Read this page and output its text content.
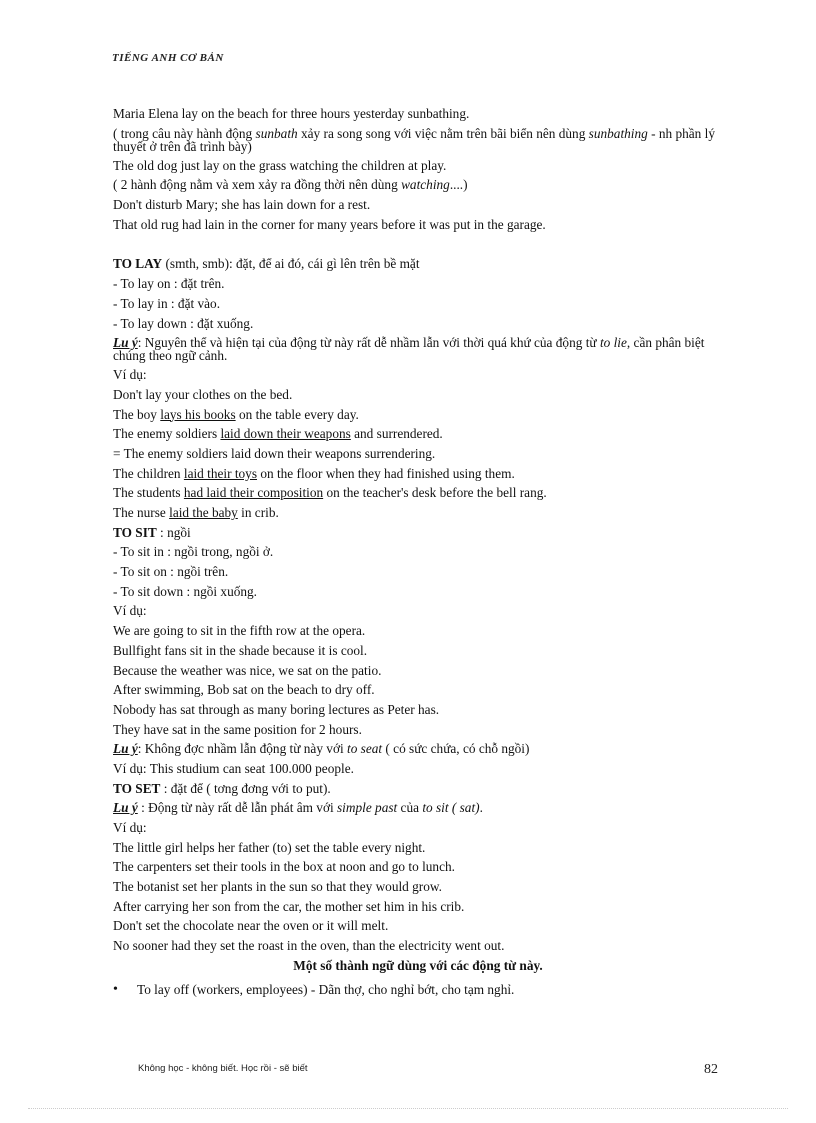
TIẾNG ANH CƠ BẢN
Maria Elena lay on the beach for three hours yesterday sunbathing.
( trong câu này hành động sunbath xảy ra song song với việc nằm trên bãi biển nên dùng sunbathing - nh phần lý thuyết ở trên đã trình bày)
The old dog just lay on the grass watching the children at play.
( 2 hành động nằm và xem xảy ra đồng thời nên dùng watching....)
Don't disturb Mary; she has lain down for a rest.
That old rug had lain in the corner for many years before it was put in the garage.
TO LAY (smth, smb): đặt, để ai đó, cái gì lên trên bề mặt
- To lay on : đặt trên.
- To lay in : đặt vào.
- To lay down : đặt xuống.
Lu ý: Nguyên thể và hiện tại của động từ này rất dễ nhầm lẫn với thời quá khứ của động từ to lie, cần phân biệt chúng theo ngữ cảnh.
Ví dụ:
Don't lay your clothes on the bed.
The boy lays his books on the table every day.
The enemy soldiers laid down their weapons and surrendered.
= The enemy soldiers laid down their weapons surrendering.
The children laid their toys on the floor when they had finished using them.
The students had laid their composition on the teacher's desk before the bell rang.
The nurse laid the baby in crib.
TO SIT : ngồi
- To sit in : ngồi trong, ngồi ở.
- To sit on : ngồi trên.
- To sit down : ngồi xuống.
Ví dụ:
We are going to sit in the fifth row at the opera.
Bullfight fans sit in the shade because it is cool.
Because the weather was nice, we sat on the patio.
After swimming, Bob sat on the beach to dry off.
Nobody has sat through as many boring lectures as Peter has.
They have sat in the same position for 2 hours.
Lu ý: Không đợc nhầm lẫn động từ này với to seat ( có sức chứa, có chỗ ngồi)
Ví dụ: This studium can seat 100.000 people.
TO SET : đặt để ( tơng đơng với to put).
Lu ý : Động từ này rất dễ lẫn phát âm với simple past của to sit ( sat).
Ví dụ:
The little girl helps her father (to) set the table every night.
The carpenters set their tools in the box at noon and go to lunch.
The botanist set her plants in the sun so that they would grow.
After carrying her son from the car, the mother set him in his crib.
Don't set the chocolate near the oven or it will melt.
No sooner had they set the roast in the oven, than the electricity went out.
Một số thành ngữ dùng với các động từ này.
•	To lay off (workers, employees) - Dãn thợ, cho nghỉ bớt, cho tạm nghỉ.
Không học - không biết. Học rồi - sẽ biết	82
